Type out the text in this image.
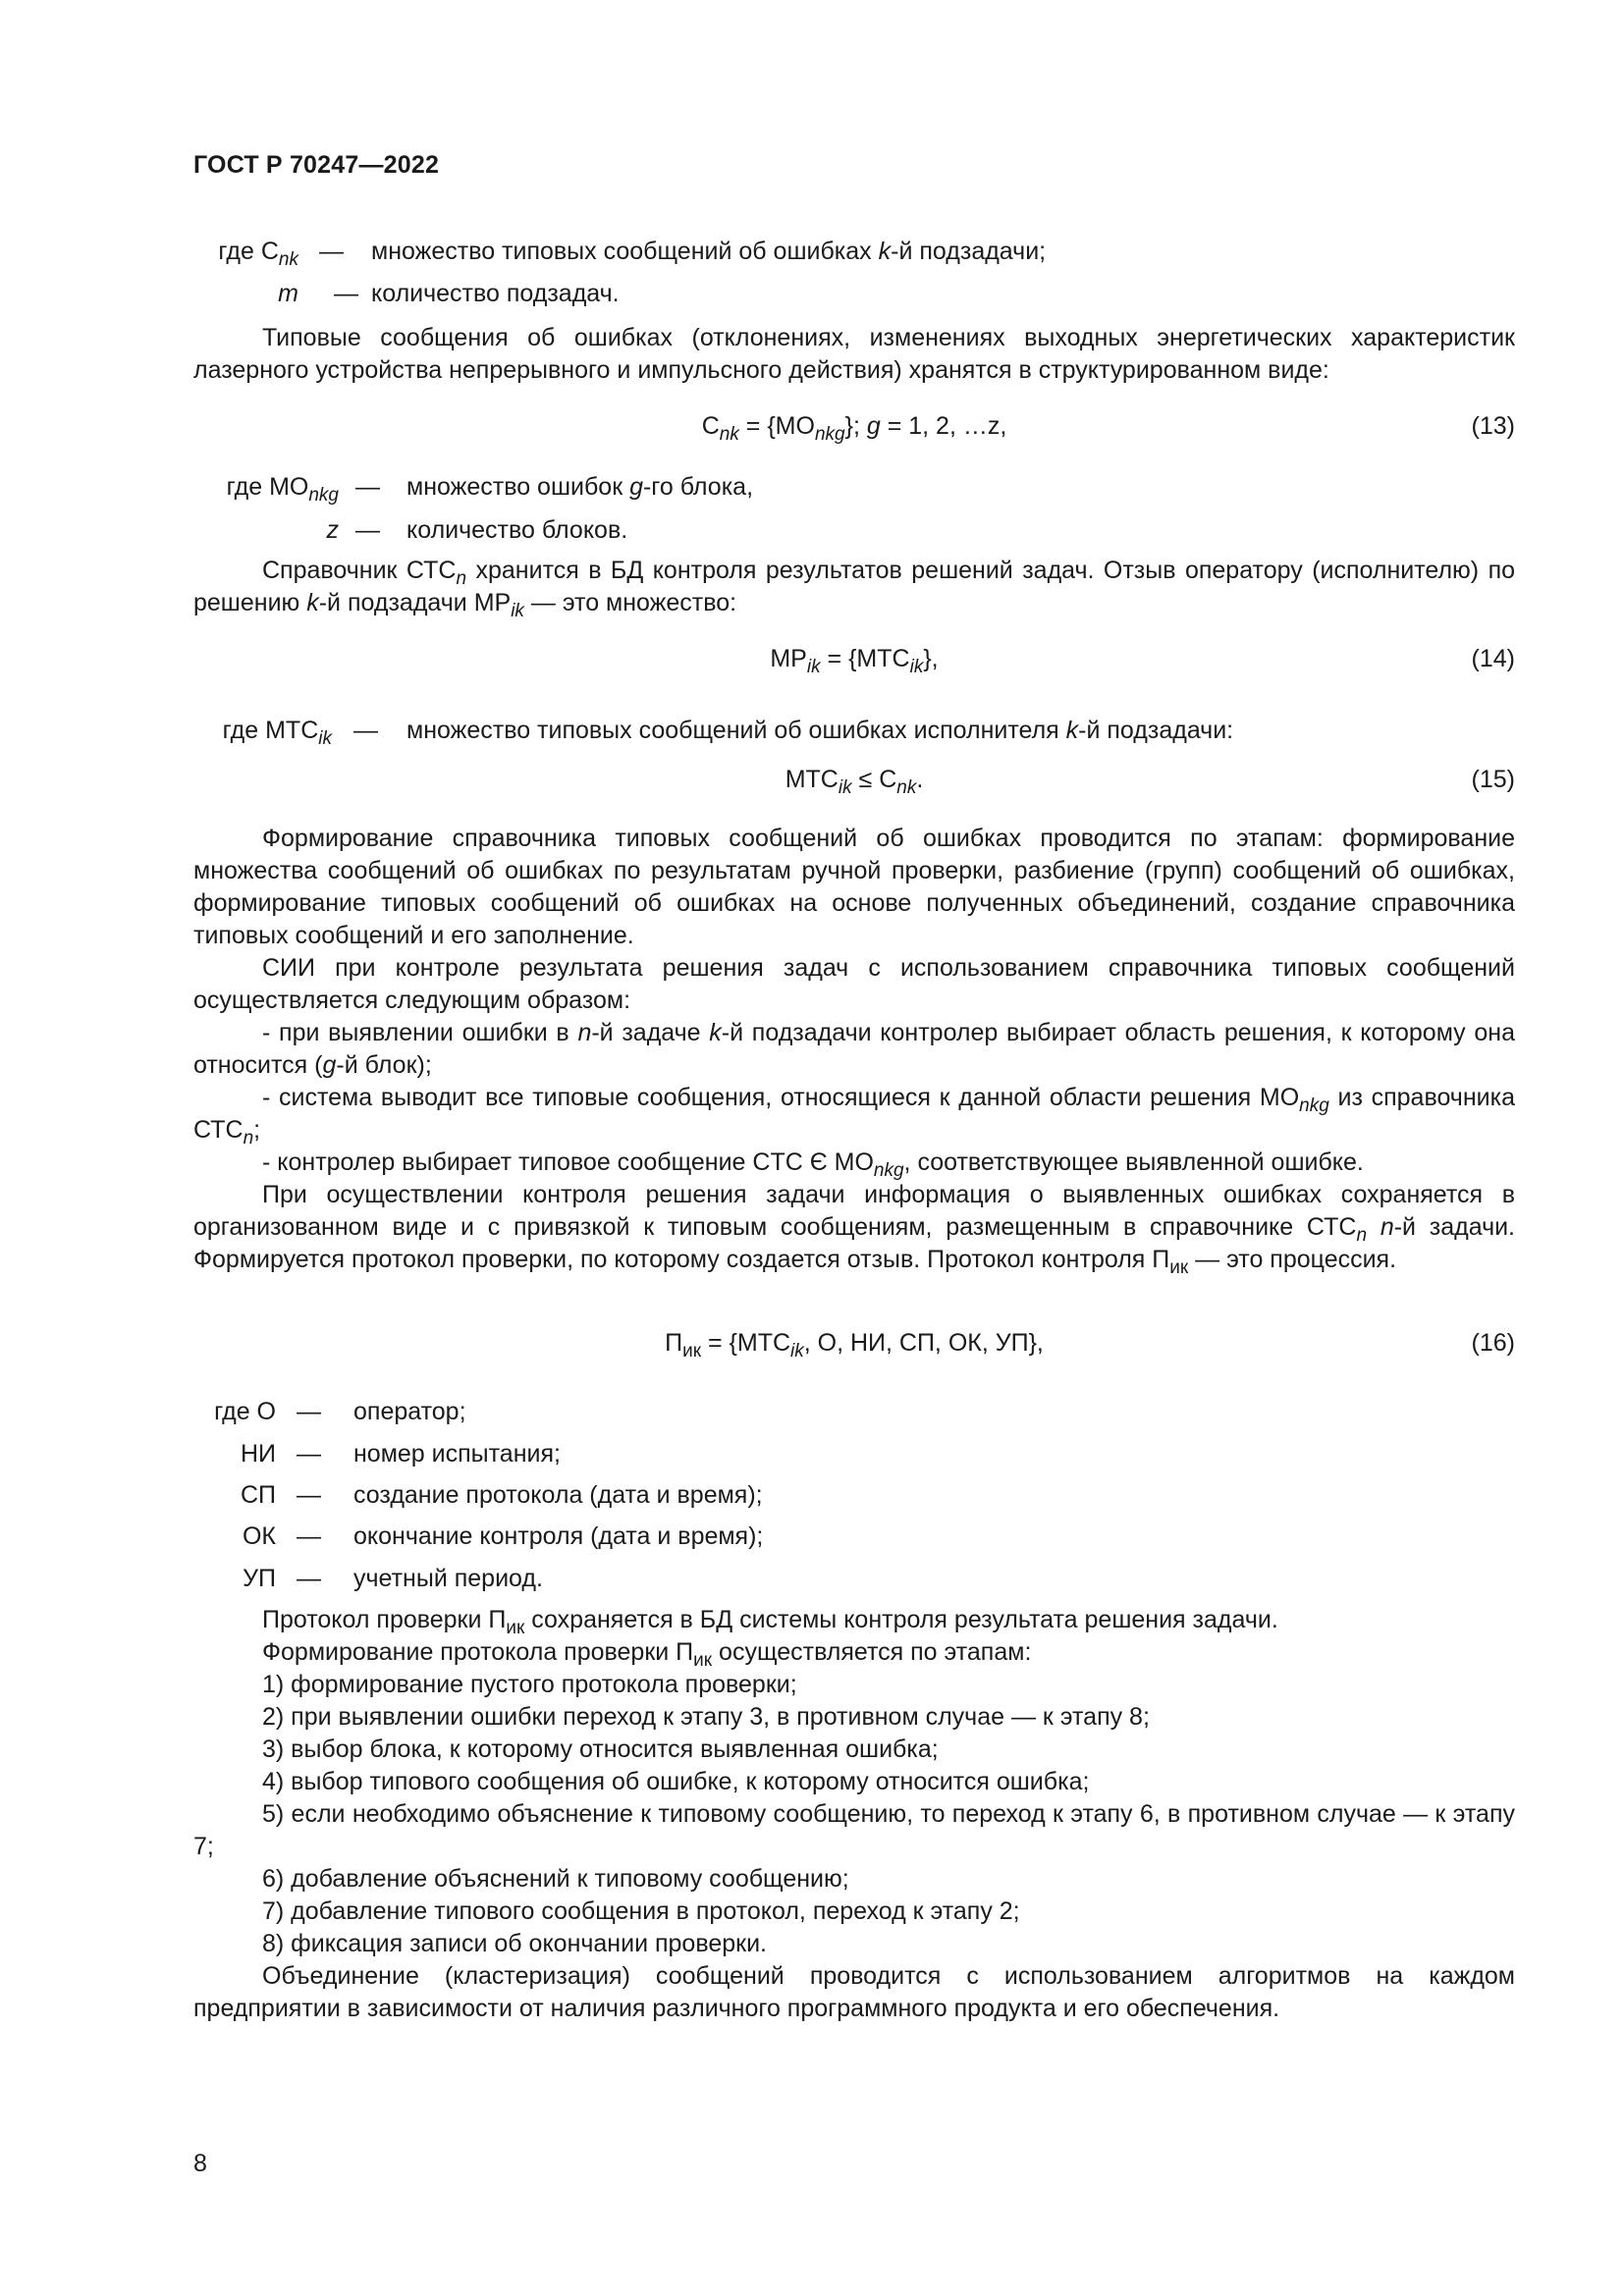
ГОСТ Р 70247—2022
где $C_{nk}$ — множество типовых сообщений об ошибках k-й подзадачи;
m — количество подзадач.

Типовые сообщения об ошибках (отклонениях, изменениях выходных энергетических характеристик лазерного устройства непрерывного и импульсного действия) хранятся в структурированном виде:

$C_{nk} = \{MO_{nkg}\}$; g = 1, 2, …z,	(13)
где $MO_{nkg}$ — множество ошибок g-го блока,
z — количество блоков.

Справочник $СТС_n$ хранится в БД контроля результатов решений задач. Отзыв оператору (исполнителю) по решению k-й подзадачи $MP_{ik}$ — это множество:

$MP_{ik} = \{MTC_{ik}\}$,	(14)
где $MTC_{ik}$ — множество типовых сообщений об ошибках исполнителя k-й подзадачи:
$MTC_{ik} \le C_{nk}$.	(15)

Формирование справочника типовых сообщений об ошибках проводится по этапам: формирование множества сообщений об ошибках по результатам ручной проверки, разбиение (групп) сообщений об ошибках, формирование типовых сообщений об ошибках на основе полученных объединений, создание справочника типовых сообщений и его заполнение.

СИИ при контроле результата решения задач с использованием справочника типовых сообщений осуществляется следующим образом:

- при выявлении ошибки в n-й задаче k-й подзадачи контролер выбирает область решения, к которому она относится (g-й блок);

- система выводит все типовые сообщения, относящиеся к данной области решения $MO_{nkg}$ из справочника $СТС_n$;

- контролер выбирает типовое сообщение CTC Є $MO_{nkg}$, соответствующее выявленной ошибке.

При осуществлении контроля решения задачи информация о выявленных ошибках сохраняется в организованном виде и с привязкой к типовым сообщениям, размещенным в справочнике $СТС_n$ n-й задачи. Формируется протокол проверки, по которому создается отзыв. Протокол контроля $П_{ик}$ — это процессия.

$П_{ик} = \{MTC_{ik}$, O, НИ, СП, ОК, УП},	(16)
где О — оператор;
НИ — номер испытания;
СП — создание протокола (дата и время);
ОК — окончание контроля (дата и время);
УП — учетный период.

Протокол проверки $П_{ик}$ сохраняется в БД системы контроля результата решения задачи.

Формирование протокола проверки $П_{ик}$ осуществляется по этапам:

1) формирование пустого протокола проверки;

2) при выявлении ошибки переход к этапу 3, в противном случае — к этапу 8;

3) выбор блока, к которому относится выявленная ошибка;

4) выбор типового сообщения об ошибке, к которому относится ошибка;

5) если необходимо объяснение к типовому сообщению, то переход к этапу 6, в противном случае — к этапу 7;

6) добавление объяснений к типовому сообщению;

7) добавление типового сообщения в протокол, переход к этапу 2;

8) фиксация записи об окончании проверки.

Объединение (кластеризация) сообщений проводится с использованием алгоритмов на каждом предприятии в зависимости от наличия различного программного продукта и его обеспечения.

8
